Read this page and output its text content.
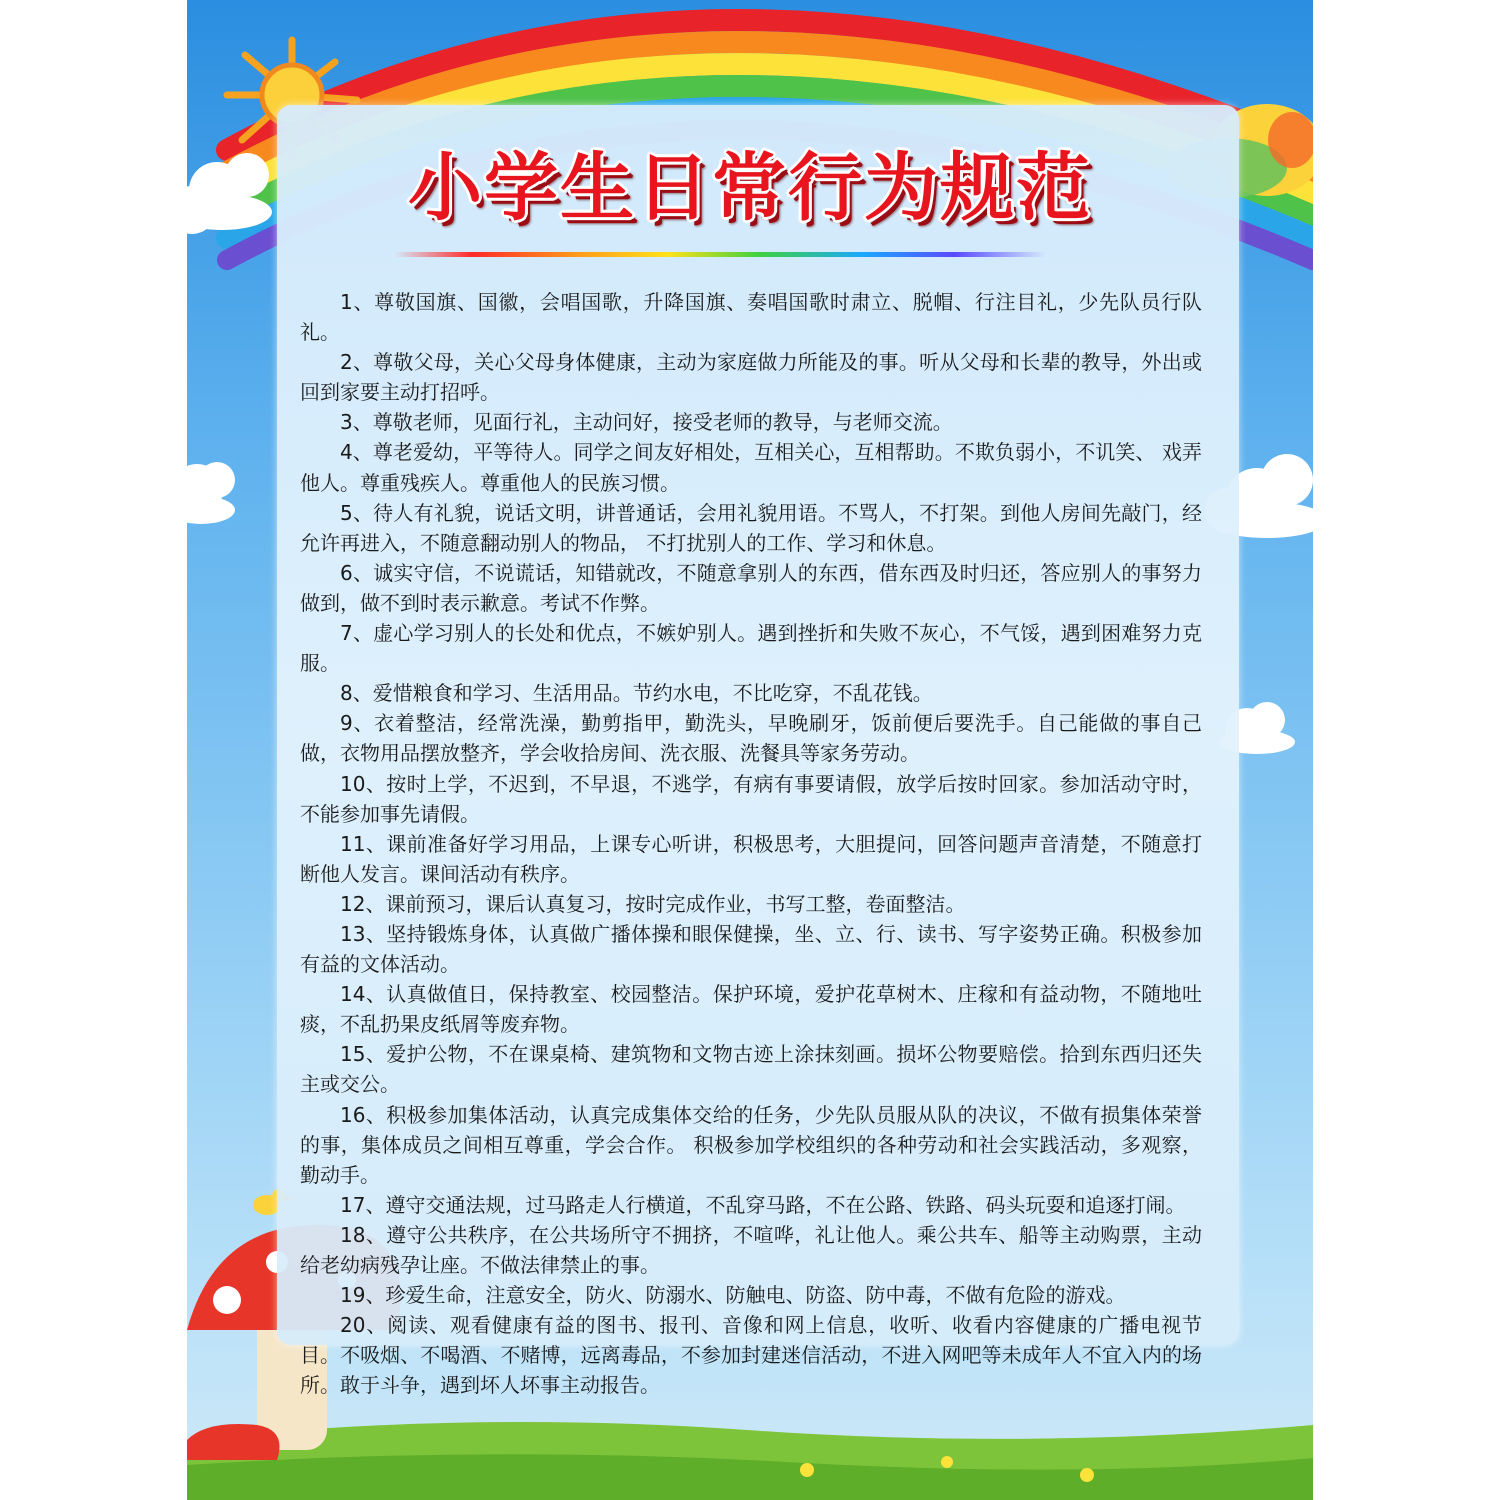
小学生日常行为规范
1、尊敬国旗、国徽，会唱国歌，升降国旗、奏唱国歌时肃立、脱帽、行注目礼，少先队员行队礼。
2、尊敬父母，关心父母身体健康，主动为家庭做力所能及的事。听从父母和长辈的教导，外出或回到家要主动打招呼。
3、尊敬老师，见面行礼，主动问好，接受老师的教导，与老师交流。
4、尊老爱幼，平等待人。同学之间友好相处，互相关心，互相帮助。不欺负弱小，不讥笑、 戏弄他人。尊重残疾人。尊重他人的民族习惯。
5、待人有礼貌，说话文明，讲普通话，会用礼貌用语。不骂人，不打架。到他人房间先敲门，经允许再进入，不随意翻动别人的物品， 不打扰别人的工作、学习和休息。
6、诚实守信，不说谎话，知错就改，不随意拿别人的东西，借东西及时归还，答应别人的事努力做到，做不到时表示歉意。考试不作弊。
7、虚心学习别人的长处和优点，不嫉妒别人。遇到挫折和失败不灰心，不气馁，遇到困难努力克服。
8、爱惜粮食和学习、生活用品。节约水电，不比吃穿，不乱花钱。
9、衣着整洁，经常洗澡，勤剪指甲，勤洗头，早晚刷牙，饭前便后要洗手。自己能做的事自己做，衣物用品摆放整齐，学会收拾房间、洗衣服、洗餐具等家务劳动。
10、按时上学，不迟到，不早退，不逃学，有病有事要请假，放学后按时回家。参加活动守时，不能参加事先请假。
11、课前准备好学习用品，上课专心听讲，积极思考，大胆提问，回答问题声音清楚，不随意打断他人发言。课间活动有秩序。
12、课前预习，课后认真复习，按时完成作业，书写工整，卷面整洁。
13、坚持锻炼身体，认真做广播体操和眼保健操，坐、立、行、读书、写字姿势正确。积极参加有益的文体活动。
14、认真做值日，保持教室、校园整洁。保护环境，爱护花草树木、庄稼和有益动物，不随地吐痰，不乱扔果皮纸屑等废弃物。
15、爱护公物，不在课桌椅、建筑物和文物古迹上涂抹刻画。损坏公物要赔偿。拾到东西归还失主或交公。
16、积极参加集体活动，认真完成集体交给的任务，少先队员服从队的决议，不做有损集体荣誉的事，集体成员之间相互尊重，学会合作。 积极参加学校组织的各种劳动和社会实践活动，多观察，勤动手。
17、遵守交通法规，过马路走人行横道，不乱穿马路，不在公路、铁路、码头玩耍和追逐打闹。
18、遵守公共秩序，在公共场所守不拥挤，不喧哗，礼让他人。乘公共车、船等主动购票，主动给老幼病残孕让座。不做法律禁止的事。
19、珍爱生命，注意安全，防火、防溺水、防触电、防盗、防中毒，不做有危险的游戏。
20、阅读、观看健康有益的图书、报刊、音像和网上信息，收听、收看内容健康的广播电视节目。不吸烟、不喝酒、不赌博，远离毒品，不参加封建迷信活动，不进入网吧等未成年人不宜入内的场所。敢于斗争，遇到坏人坏事主动报告。
